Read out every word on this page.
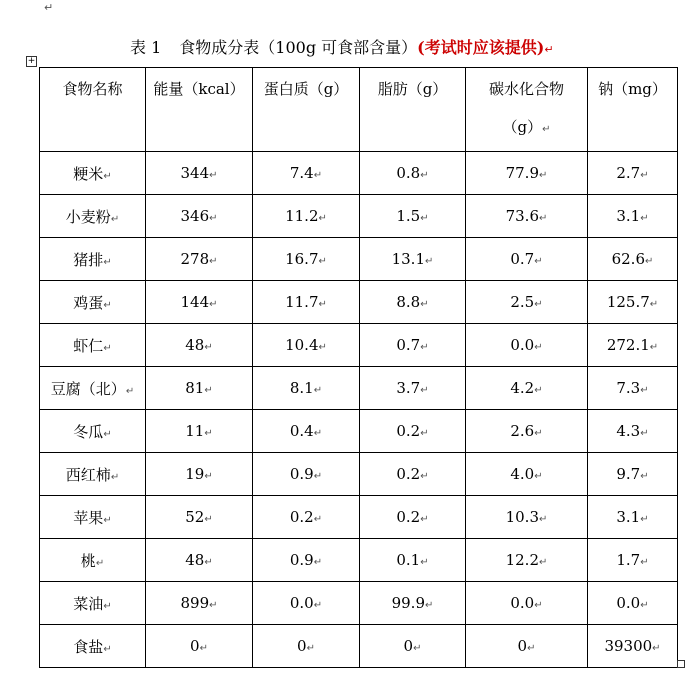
↵
表 1 食物成分表（100g 可食部含量）(考试时应该提供)↵
+
食物名称	能量（kcal）	蛋白质（g）	脂肪（g）	碳水化合物
（g）↵	钠（mg）
粳米↵	344↵	7.4↵	0.8↵	77.9↵	2.7↵
小麦粉↵	346↵	11.2↵	1.5↵	73.6↵	3.1↵
猪排↵	278↵	16.7↵	13.1↵	0.7↵	62.6↵
鸡蛋↵	144↵	11.7↵	8.8↵	2.5↵	125.7↵
虾仁↵	48↵	10.4↵	0.7↵	0.0↵	272.1↵
豆腐（北）↵	81↵	8.1↵	3.7↵	4.2↵	7.3↵
冬瓜↵	11↵	0.4↵	0.2↵	2.6↵	4.3↵
西红柿↵	19↵	0.9↵	0.2↵	4.0↵	9.7↵
苹果↵	52↵	0.2↵	0.2↵	10.3↵	3.1↵
桃↵	48↵	0.9↵	0.1↵	12.2↵	1.7↵
菜油↵	899↵	0.0↵	99.9↵	0.0↵	0.0↵
食盐↵	0↵	0↵	0↵	0↵	39300↵
